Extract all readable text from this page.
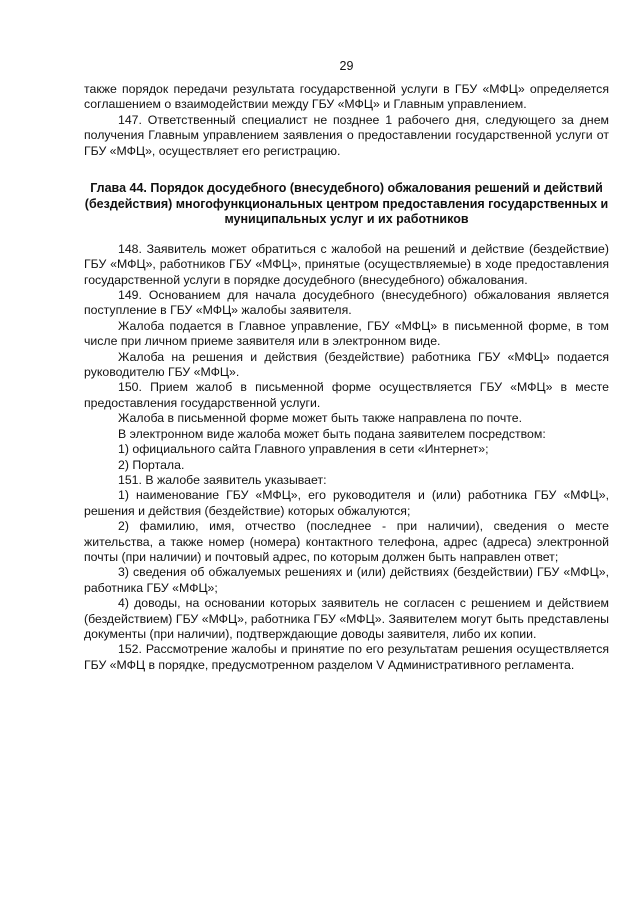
29

также порядок передачи результата государственной услуги в ГБУ «МФЦ» определяется соглашением о взаимодействии между ГБУ «МФЦ» и Главным управлением.

147. Ответственный специалист не позднее 1 рабочего дня, следующего за днем получения Главным управлением заявления о предоставлении государственной услуги от ГБУ «МФЦ», осуществляет его регистрацию.

Глава 44. Порядок досудебного (внесудебного) обжалования решений и действий (бездействия) многофункциональных центром предоставления государственных и муниципальных услуг и их работников

148. Заявитель может обратиться с жалобой на решений и действие (бездействие) ГБУ «МФЦ», работников ГБУ «МФЦ», принятые (осуществляемые) в ходе предоставления государственной услуги в порядке досудебного (внесудебного) обжалования.

149. Основанием для начала досудебного (внесудебного) обжалования является поступление в ГБУ «МФЦ» жалобы заявителя.

Жалоба подается в Главное управление, ГБУ «МФЦ» в письменной форме, в том числе при личном приеме заявителя или в электронном виде.

Жалоба на решения и действия (бездействие) работника ГБУ «МФЦ» подается руководителю ГБУ «МФЦ».

150. Прием жалоб в письменной форме осуществляется ГБУ «МФЦ» в месте предоставления государственной услуги.

Жалоба в письменной форме может быть также направлена по почте.

В электронном виде жалоба может быть подана заявителем посредством:

1) официального сайта Главного управления в сети «Интернет»;

2) Портала.

151. В жалобе заявитель указывает:

1) наименование ГБУ «МФЦ», его руководителя и (или) работника ГБУ «МФЦ», решения и действия (бездействие) которых обжалуются;

2) фамилию, имя, отчество (последнее - при наличии), сведения о месте жительства, а также номер (номера) контактного телефона, адрес (адреса) электронной почты (при наличии) и почтовый адрес, по которым должен быть направлен ответ;

3) сведения об обжалуемых решениях и (или) действиях (бездействии) ГБУ «МФЦ», работника ГБУ «МФЦ»;

4) доводы, на основании которых заявитель не согласен с решением и действием (бездействием) ГБУ «МФЦ», работника ГБУ «МФЦ». Заявителем могут быть представлены документы (при наличии), подтверждающие доводы заявителя, либо их копии.

152. Рассмотрение жалобы и принятие по его результатам решения осуществляется ГБУ «МФЦ в порядке, предусмотренном разделом V Административного регламента.
